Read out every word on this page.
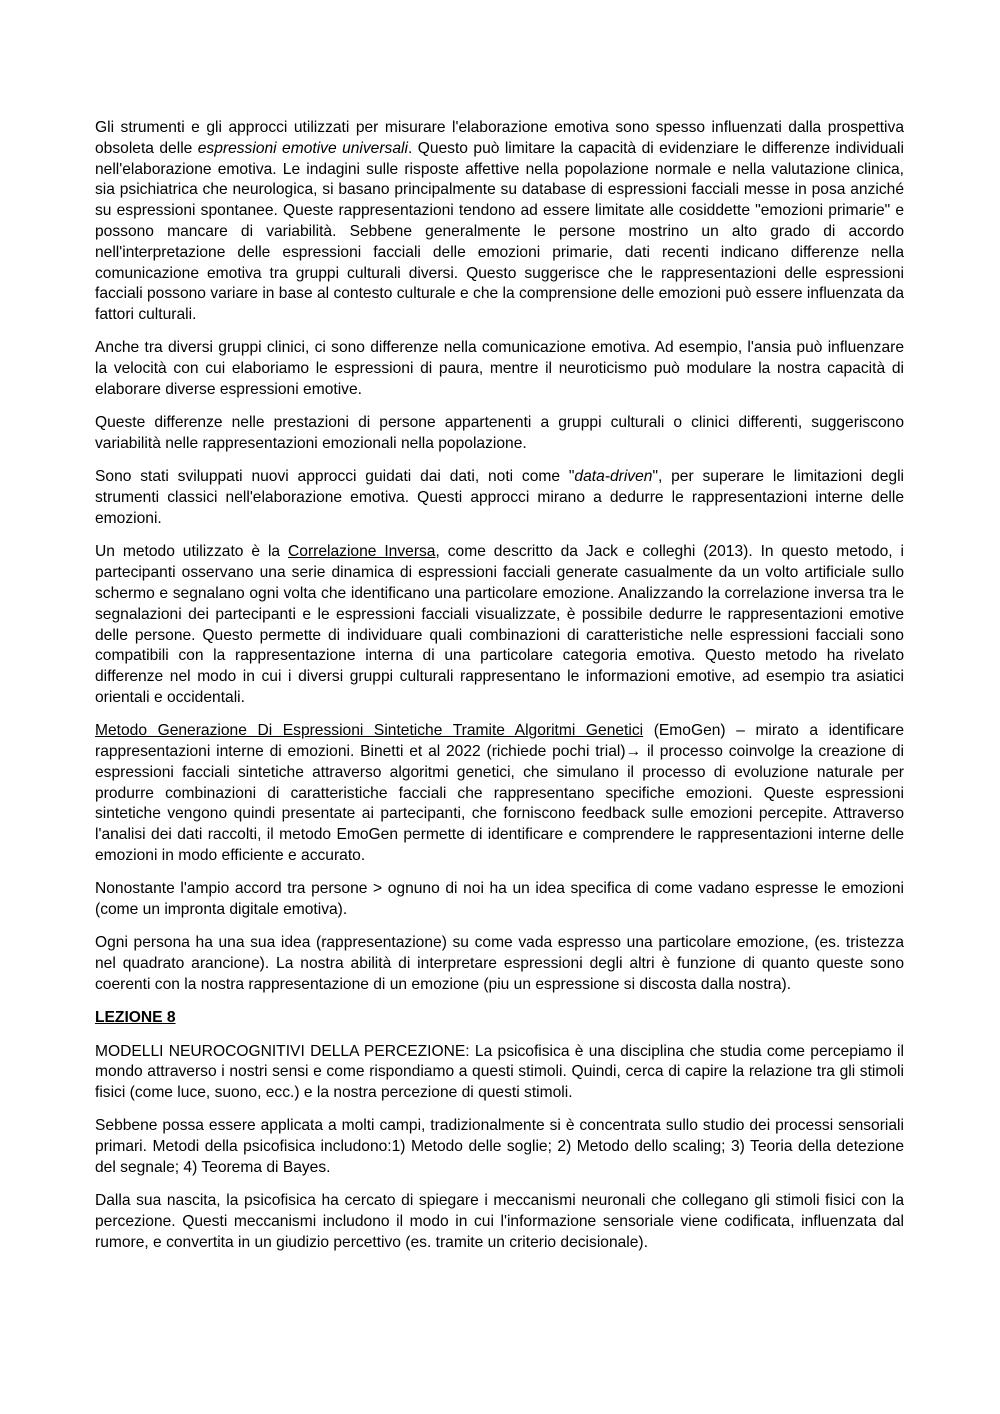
Gli strumenti e gli approcci utilizzati per misurare l'elaborazione emotiva sono spesso influenzati dalla prospettiva obsoleta delle espressioni emotive universali. Questo può limitare la capacità di evidenziare le differenze individuali nell'elaborazione emotiva. Le indagini sulle risposte affettive nella popolazione normale e nella valutazione clinica, sia psichiatrica che neurologica, si basano principalmente su database di espressioni facciali messe in posa anziché su espressioni spontanee. Queste rappresentazioni tendono ad essere limitate alle cosiddette "emozioni primarie" e possono mancare di variabilità. Sebbene generalmente le persone mostrino un alto grado di accordo nell'interpretazione delle espressioni facciali delle emozioni primarie, dati recenti indicano differenze nella comunicazione emotiva tra gruppi culturali diversi. Questo suggerisce che le rappresentazioni delle espressioni facciali possono variare in base al contesto culturale e che la comprensione delle emozioni può essere influenzata da fattori culturali.

Anche tra diversi gruppi clinici, ci sono differenze nella comunicazione emotiva. Ad esempio, l'ansia può influenzare la velocità con cui elaboriamo le espressioni di paura, mentre il neuroticismo può modulare la nostra capacità di elaborare diverse espressioni emotive.

Queste differenze nelle prestazioni di persone appartenenti a gruppi culturali o clinici differenti, suggeriscono variabilità nelle rappresentazioni emozionali nella popolazione.

Sono stati sviluppati nuovi approcci guidati dai dati, noti come "data-driven", per superare le limitazioni degli strumenti classici nell'elaborazione emotiva. Questi approcci mirano a dedurre le rappresentazioni interne delle emozioni.

Un metodo utilizzato è la Correlazione Inversa, come descritto da Jack e colleghi (2013). In questo metodo, i partecipanti osservano una serie dinamica di espressioni facciali generate casualmente da un volto artificiale sullo schermo e segnalano ogni volta che identificano una particolare emozione. Analizzando la correlazione inversa tra le segnalazioni dei partecipanti e le espressioni facciali visualizzate, è possibile dedurre le rappresentazioni emotive delle persone. Questo permette di individuare quali combinazioni di caratteristiche nelle espressioni facciali sono compatibili con la rappresentazione interna di una particolare categoria emotiva. Questo metodo ha rivelato differenze nel modo in cui i diversi gruppi culturali rappresentano le informazioni emotive, ad esempio tra asiatici orientali e occidentali.

Metodo Generazione Di Espressioni Sintetiche Tramite Algoritmi Genetici (EmoGen) – mirato a identificare rappresentazioni interne di emozioni. Binetti et al 2022 (richiede pochi trial)→ il processo coinvolge la creazione di espressioni facciali sintetiche attraverso algoritmi genetici, che simulano il processo di evoluzione naturale per produrre combinazioni di caratteristiche facciali che rappresentano specifiche emozioni. Queste espressioni sintetiche vengono quindi presentate ai partecipanti, che forniscono feedback sulle emozioni percepite. Attraverso l'analisi dei dati raccolti, il metodo EmoGen permette di identificare e comprendere le rappresentazioni interne delle emozioni in modo efficiente e accurato.

Nonostante l'ampio accord tra persone > ognuno di noi ha un idea specifica di come vadano espresse le emozioni (come un impronta digitale emotiva).

Ogni persona ha una sua idea (rappresentazione) su come vada espresso una particolare emozione, (es. tristezza nel quadrato arancione). La nostra abilità di interpretare espressioni degli altri è funzione di quanto queste sono coerenti con la nostra rappresentazione di un emozione (piu un espressione si discosta dalla nostra).

LEZIONE 8

MODELLI NEUROCOGNITIVI DELLA PERCEZIONE: La psicofisica è una disciplina che studia come percepiamo il mondo attraverso i nostri sensi e come rispondiamo a questi stimoli. Quindi, cerca di capire la relazione tra gli stimoli fisici (come luce, suono, ecc.) e la nostra percezione di questi stimoli.

Sebbene possa essere applicata a molti campi, tradizionalmente si è concentrata sullo studio dei processi sensoriali primari. Metodi della psicofisica includono:1) Metodo delle soglie; 2) Metodo dello scaling; 3) Teoria della detezione del segnale; 4) Teorema di Bayes.

Dalla sua nascita, la psicofisica ha cercato di spiegare i meccanismi neuronali che collegano gli stimoli fisici con la percezione. Questi meccanismi includono il modo in cui l'informazione sensoriale viene codificata, influenzata dal rumore, e convertita in un giudizio percettivo (es. tramite un criterio decisionale).
